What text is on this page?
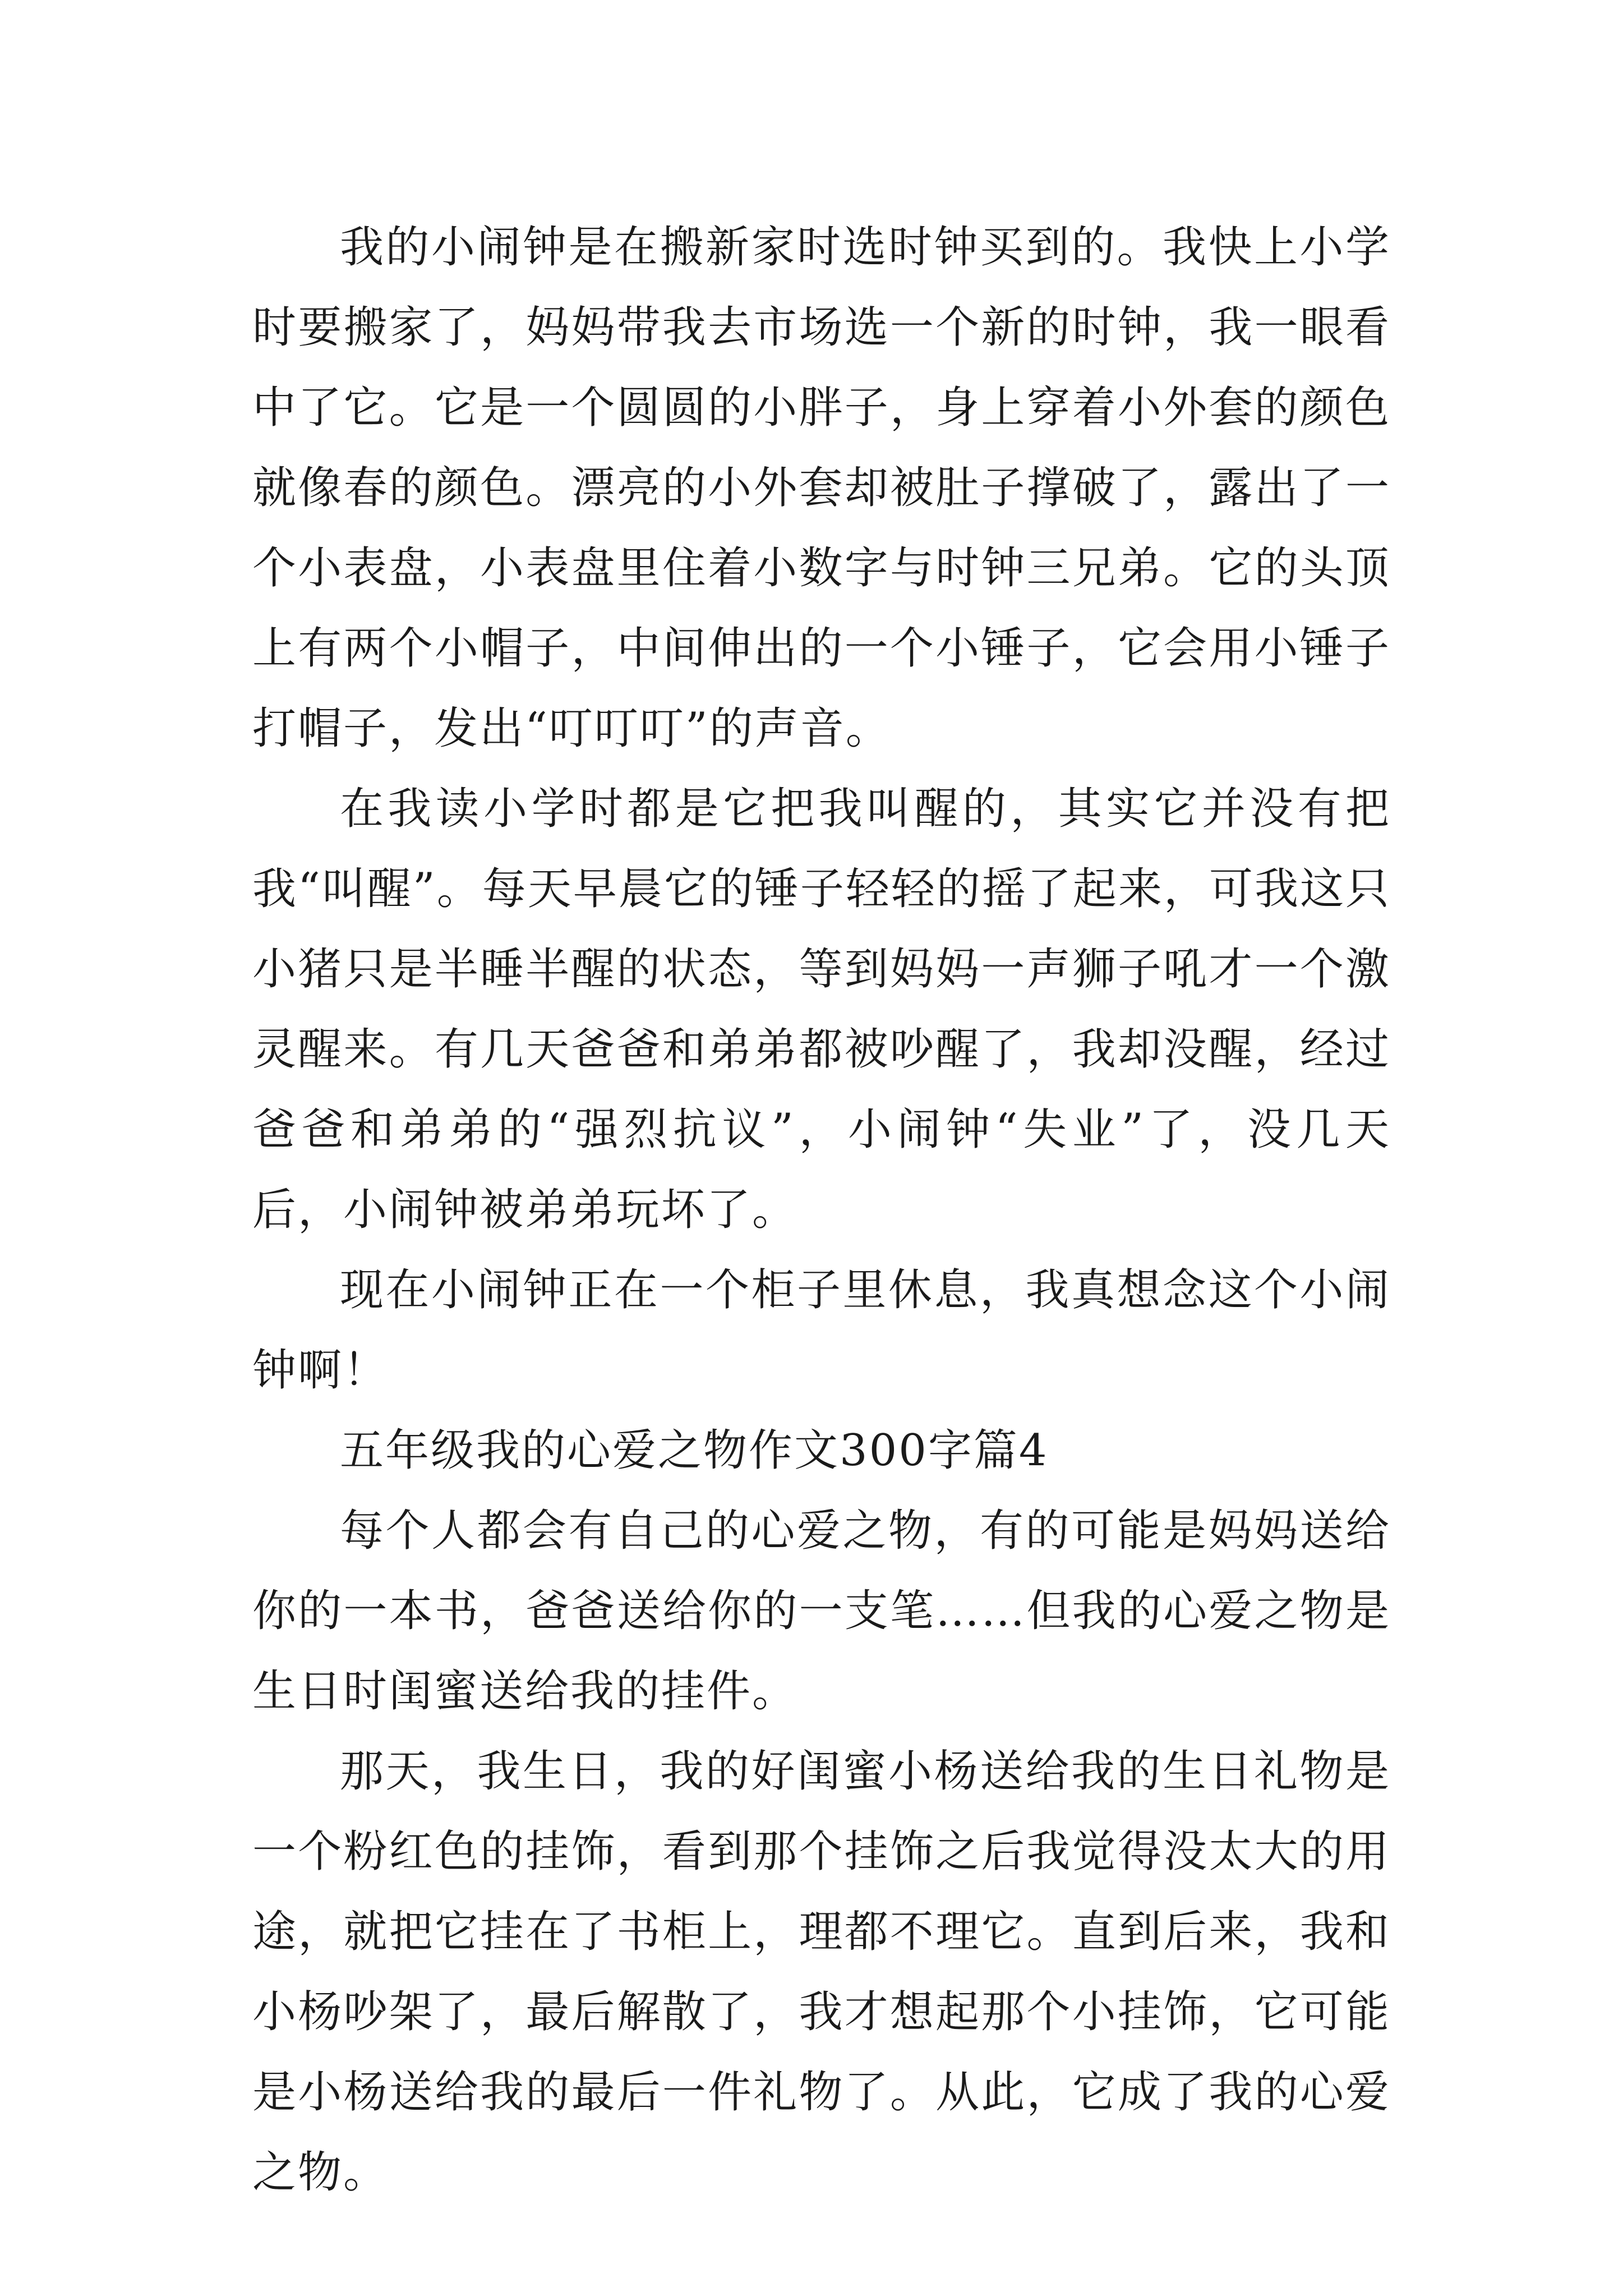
我的小闹钟是在搬新家时选时钟买到的。我快上小学时要搬家了，妈妈带我去市场选一个新的时钟，我一眼看中了它。它是一个圆圆的小胖子，身上穿着小外套的颜色就像春的颜色。漂亮的小外套却被肚子撑破了，露出了一个小表盘，小表盘里住着小数字与时钟三兄弟。它的头顶上有两个小帽子，中间伸出的一个小锤子，它会用小锤子打帽子，发出“叮叮叮”的声音。

在我读小学时都是它把我叫醒的，其实它并没有把我“叫醒”。每天早晨它的锤子轻轻的摇了起来，可我这只小猪只是半睡半醒的状态，等到妈妈一声狮子吼才一个激灵醒来。有几天爸爸和弟弟都被吵醒了，我却没醒，经过爸爸和弟弟的“强烈抗议”，小闹钟“失业”了，没几天后，小闹钟被弟弟玩坏了。

现在小闹钟正在一个柜子里休息，我真想念这个小闹钟啊！

五年级我的心爱之物作文300字篇4

每个人都会有自己的心爱之物，有的可能是妈妈送给你的一本书，爸爸送给你的一支笔……但我的心爱之物是生日时闺蜜送给我的挂件。

那天，我生日，我的好闺蜜小杨送给我的生日礼物是一个粉红色的挂饰，看到那个挂饰之后我觉得没太大的用途，就把它挂在了书柜上，理都不理它。直到后来，我和小杨吵架了，最后解散了，我才想起那个小挂饰，它可能是小杨送给我的最后一件礼物了。从此，它成了我的心爱之物。
